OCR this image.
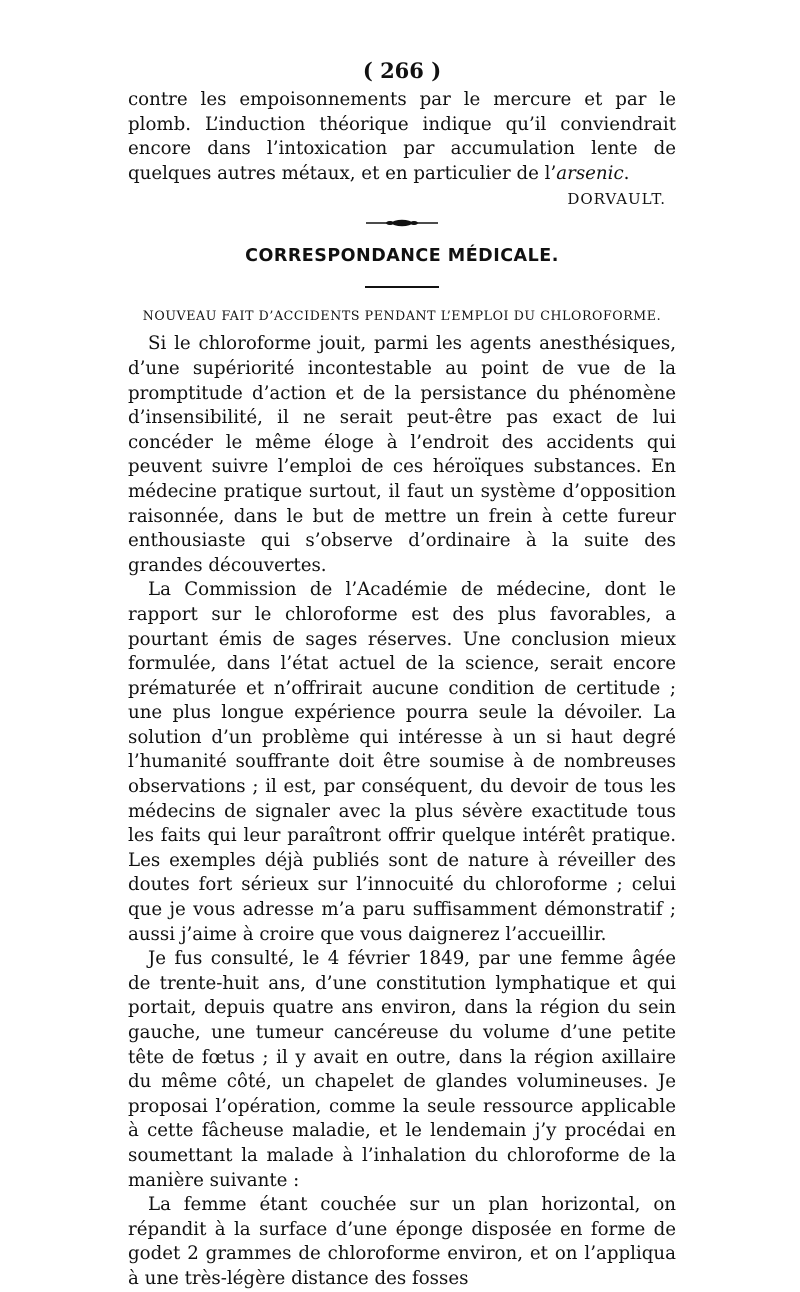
( 266 )

contre les empoisonnements par le mercure et par le plomb. L’induction théorique indique qu’il conviendrait encore dans l’intoxication par accumulation lente de quelques autres métaux, et en particulier de l’arsenic.

DORVAULT.
CORRESPONDANCE MÉDICALE.
NOUVEAU FAIT D’ACCIDENTS PENDANT L’EMPLOI DU CHLOROFORME.

Si le chloroforme jouit, parmi les agents anesthésiques, d’une supériorité incontestable au point de vue de la promptitude d’action et de la persistance du phénomène d’insensibilité, il ne serait peut-être pas exact de lui concéder le même éloge à l’endroit des accidents qui peuvent suivre l’emploi de ces héroïques substances. En médecine pratique surtout, il faut un système d’opposition raisonnée, dans le but de mettre un frein à cette fureur enthousiaste qui s’observe d’ordinaire à la suite des grandes découvertes.

La Commission de l’Académie de médecine, dont le rapport sur le chloroforme est des plus favorables, a pourtant émis de sages réserves. Une conclusion mieux formulée, dans l’état actuel de la science, serait encore prématurée et n’offrirait aucune condition de certitude ; une plus longue expérience pourra seule la dévoiler. La solution d’un problème qui intéresse à un si haut degré l’humanité souffrante doit être soumise à de nombreuses observations ; il est, par conséquent, du devoir de tous les médecins de signaler avec la plus sévère exactitude tous les faits qui leur paraîtront offrir quelque intérêt pratique. Les exemples déjà publiés sont de nature à réveiller des doutes fort sérieux sur l’innocuité du chloroforme ; celui que je vous adresse m’a paru suffisamment démonstratif ; aussi j’aime à croire que vous daignerez l’accueillir.

Je fus consulté, le 4 février 1849, par une femme âgée de trente-huit ans, d’une constitution lymphatique et qui portait, depuis quatre ans environ, dans la région du sein gauche, une tumeur cancéreuse du volume d’une petite tête de fœtus ; il y avait en outre, dans la région axillaire du même côté, un chapelet de glandes volumineuses. Je proposai l’opération, comme la seule ressource applicable à cette fâcheuse maladie, et le lendemain j’y procédai en soumettant la malade à l’inhalation du chloroforme de la manière suivante :

La femme étant couchée sur un plan horizontal, on répandit à la surface d’une éponge disposée en forme de godet 2 grammes de chloroforme environ, et on l’appliqua à une très-légère distance des fosses
